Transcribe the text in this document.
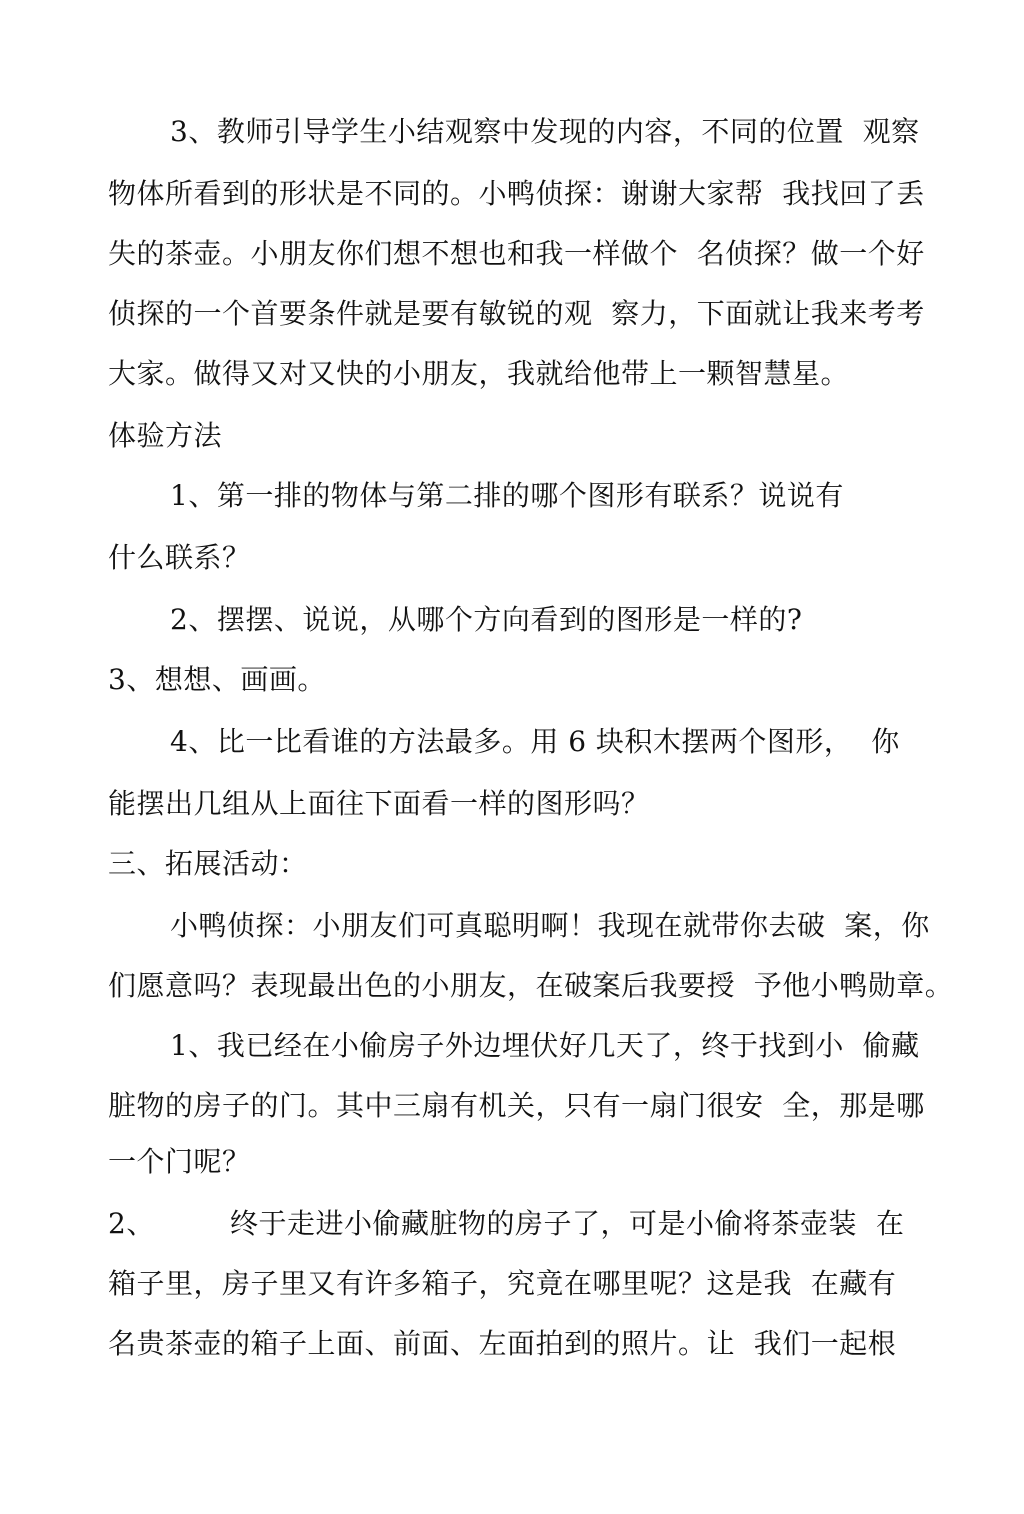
3、教师引导学生小结观察中发现的内容，不同的位置  观察
物体所看到的形状是不同的。小鸭侦探：谢谢大家帮  我找回了丢
失的茶壶。小朋友你们想不想也和我一样做个  名侦探？做一个好
侦探的一个首要条件就是要有敏锐的观  察力，下面就让我来考考
大家。做得又对又快的小朋友，我就给他带上一颗智慧星。
体验方法
1、第一排的物体与第二排的哪个图形有联系？说说有
什么联系？
2、摆摆、说说，从哪个方向看到的图形是一样的?
3、想想、画画。
4、比一比看谁的方法最多。用 6 块积木摆两个图形，  你
能摆出几组从上面往下面看一样的图形吗？
三、拓展活动：
小鸭侦探：小朋友们可真聪明啊！我现在就带你去破  案，你
们愿意吗？表现最出色的小朋友，在破案后我要授  予他小鸭勋章。
1、我已经在小偷房子外边埋伏好几天了，终于找到小  偷藏
脏物的房子的门。其中三扇有机关，只有一扇门很安  全，那是哪
一个门呢？
2、        终于走进小偷藏脏物的房子了，可是小偷将茶壶装  在
箱子里，房子里又有许多箱子，究竟在哪里呢？这是我  在藏有
名贵茶壶的箱子上面、前面、左面拍到的照片。让  我们一起根
